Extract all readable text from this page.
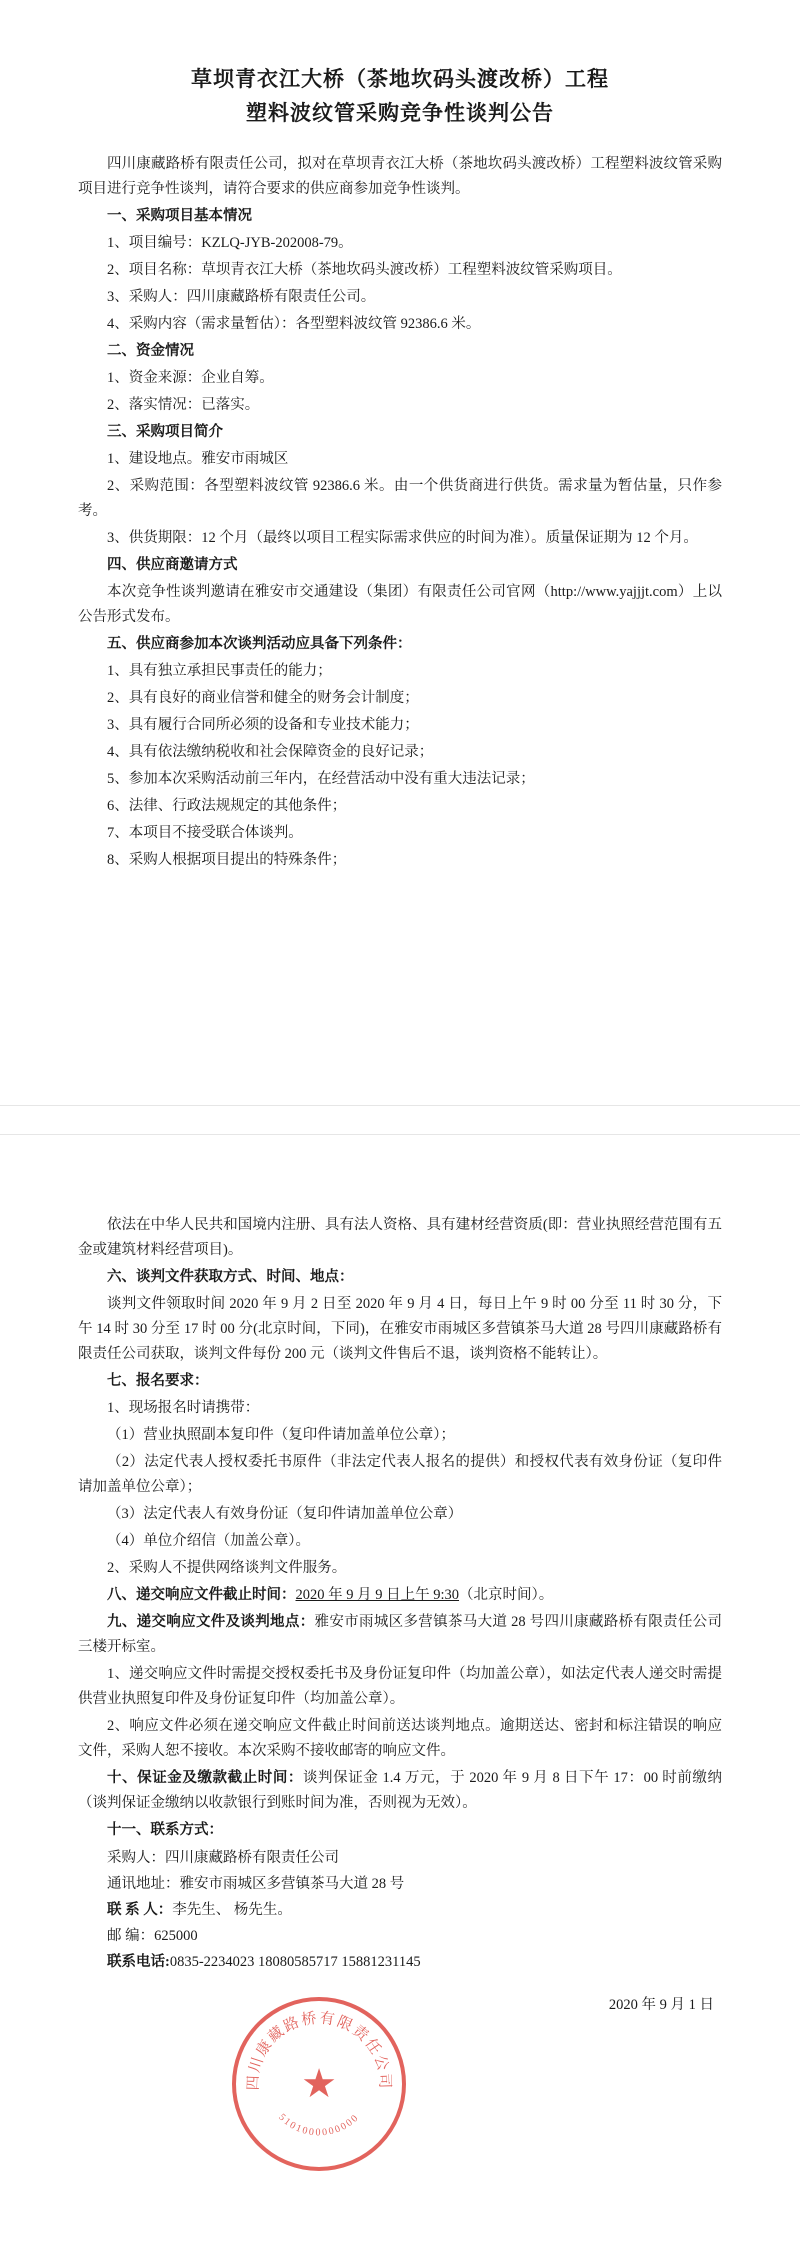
草坝青衣江大桥（茶地坎码头渡改桥）工程
塑料波纹管采购竞争性谈判公告

四川康藏路桥有限责任公司，拟对在草坝青衣江大桥（茶地坎码头渡改桥）工程塑料波纹管采购项目进行竞争性谈判，请符合要求的供应商参加竞争性谈判。

一、采购项目基本情况

1、项目编号：KZLQ-JYB-202008-79。

2、项目名称：草坝青衣江大桥（茶地坎码头渡改桥）工程塑料波纹管采购项目。

3、采购人：四川康藏路桥有限责任公司。

4、采购内容（需求量暂估）：各型塑料波纹管 92386.6 米。

二、资金情况

1、资金来源：企业自筹。

2、落实情况：已落实。

三、采购项目简介

1、建设地点。雅安市雨城区

2、采购范围：各型塑料波纹管 92386.6 米。由一个供货商进行供货。需求量为暂估量，只作参考。

3、供货期限：12 个月（最终以项目工程实际需求供应的时间为准）。质量保证期为 12 个月。

四、供应商邀请方式

本次竞争性谈判邀请在雅安市交通建设（集团）有限责任公司官网（http://www.yajjjt.com）上以公告形式发布。

五、供应商参加本次谈判活动应具备下列条件：

1、具有独立承担民事责任的能力；

2、具有良好的商业信誉和健全的财务会计制度；

3、具有履行合同所必须的设备和专业技术能力；

4、具有依法缴纳税收和社会保障资金的良好记录；

5、参加本次采购活动前三年内，在经营活动中没有重大违法记录；

6、法律、行政法规规定的其他条件；

7、本项目不接受联合体谈判。

8、采购人根据项目提出的特殊条件；

依法在中华人民共和国境内注册、具有法人资格、具有建材经营资质(即：营业执照经营范围有五金或建筑材料经营项目)。

六、谈判文件获取方式、时间、地点：

谈判文件领取时间 2020 年 9 月 2 日至 2020 年 9 月 4 日，每日上午 9 时 00 分至 11 时 30 分，下午 14 时 30 分至 17 时 00 分(北京时间，下同)，在雅安市雨城区多营镇茶马大道 28 号四川康藏路桥有限责任公司获取，谈判文件每份 200 元（谈判文件售后不退，谈判资格不能转让）。

七、报名要求：

1、现场报名时请携带：

（1）营业执照副本复印件（复印件请加盖单位公章）；

（2）法定代表人授权委托书原件（非法定代表人报名的提供）和授权代表有效身份证（复印件请加盖单位公章）；

（3）法定代表人有效身份证（复印件请加盖单位公章）

（4）单位介绍信（加盖公章）。

2、采购人不提供网络谈判文件服务。

八、递交响应文件截止时间：2020 年 9 月 9 日上午 9:30（北京时间）。

九、递交响应文件及谈判地点：雅安市雨城区多营镇茶马大道 28 号四川康藏路桥有限责任公司三楼开标室。

1、递交响应文件时需提交授权委托书及身份证复印件（均加盖公章），如法定代表人递交时需提供营业执照复印件及身份证复印件（均加盖公章）。

2、响应文件必须在递交响应文件截止时间前送达谈判地点。逾期送达、密封和标注错误的响应文件，采购人恕不接收。本次采购不接收邮寄的响应文件。

十、保证金及缴款截止时间：谈判保证金 1.4 万元，于 2020 年 9 月 8 日下午 17：00 时前缴纳（谈判保证金缴纳以收款银行到账时间为准，否则视为无效）。

十一、联系方式：

采购人：四川康藏路桥有限责任公司

通讯地址：雅安市雨城区多营镇茶马大道 28 号

联 系 人：李先生、 杨先生。

邮 编：625000

联系电话:0835-2234023 18080585717 15881231145

2020 年 9 月 1 日

四川康藏路桥有限责任公司
5101000000000
★
